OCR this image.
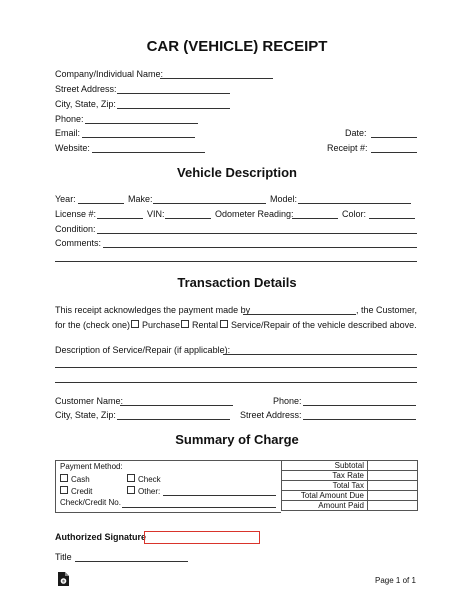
CAR (VEHICLE) RECEIPT
Company/Individual Name:
Street Address:
City, State, Zip:
Phone:
Email:
Website:
Date:
Receipt #:
Vehicle Description
Year:	Make:	Model:
License #:	VIN:	Odometer Reading:	Color:
Condition:
Comments:
Transaction Details
This receipt acknowledges the payment made by	, the Customer,
for the (check one)	Purchase	Rental	Service/Repair of the vehicle described above.
Description of Service/Repair (if applicable):
Customer Name:	Phone:
City, State, Zip:	Street Address:
Summary of Charge
Payment Method:
Cash	Check
Credit	Other:
Check/Credit No.
Subtotal	
Tax Rate	
Total Tax	
Total Amount Due	
Amount Paid	
Authorized Signature
Title
Page 1 of 1
